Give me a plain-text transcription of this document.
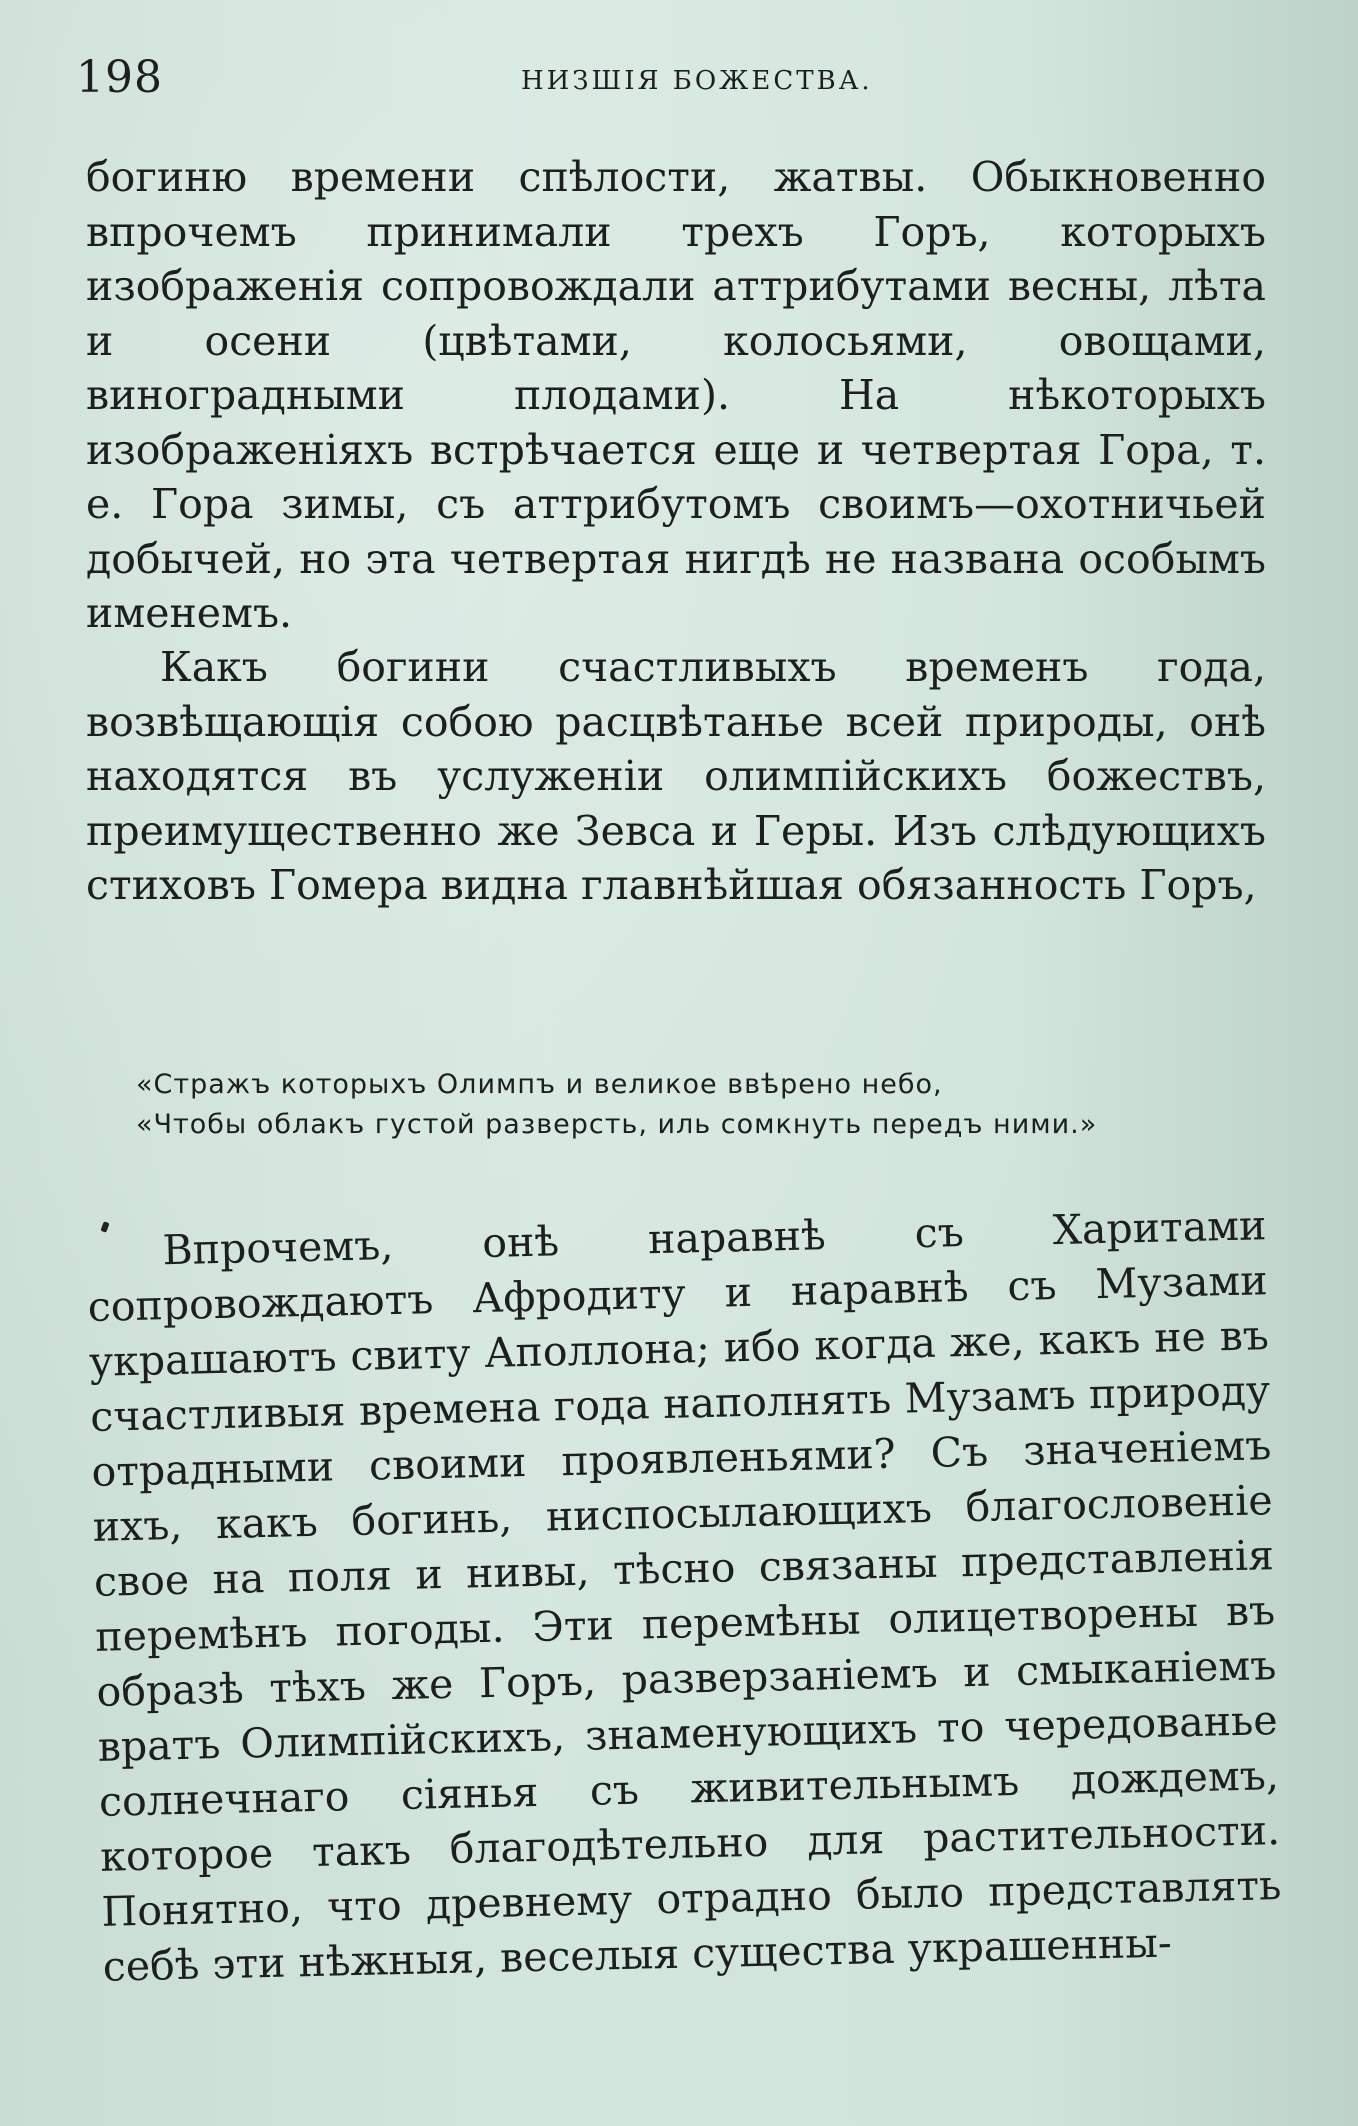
198	НИЗШІЯ БОЖЕСТВА.

богиню времени спѣлости, жатвы. Обыкновенно впрочемъ принимали трехъ Горъ, которыхъ изображенія сопровождали аттрибутами весны, лѣта и осени (цвѣтами, колосьями, овощами, виноградными плодами). На нѣкоторыхъ изображеніяхъ встрѣчается еще и четвертая Гора, т. е. Гора зимы, съ аттрибутомъ своимъ—охотничьей добычей, но эта четвертая нигдѣ не названа особымъ именемъ.

Какъ богини счастливыхъ временъ года, возвѣщающія собою расцвѣтанье всей природы, онѣ находятся въ услуженіи олимпійскихъ божествъ, преимущественно же Зевса и Геры. Изъ слѣдующихъ стиховъ Гомера видна главнѣйшая обязанность Горъ,

«Стражъ которыхъ Олимпъ и великое ввѣрено небо,
«Чтобы облакъ густой разверсть, иль сомкнуть передъ ними.»

Впрочемъ, онѣ наравнѣ съ Харитами сопровождаютъ Афродиту и наравнѣ съ Музами украшаютъ свиту Аполлона; ибо когда же, какъ не въ счастливыя времена года наполнять Музамъ природу отрадными своими проявленьями? Съ значеніемъ ихъ, какъ богинь, ниспосылающихъ благословеніе свое на поля и нивы, тѣсно связаны представленія перемѣнъ погоды. Эти перемѣны олицетворены въ образѣ тѣхъ же Горъ, разверзаніемъ и смыканіемъ вратъ Олимпійскихъ, знаменующихъ то чередованье солнечнаго сіянья съ живительнымъ дождемъ, которое такъ благодѣтельно для растительности. Понятно, что древнему отрадно было представлять себѣ эти нѣжныя, веселыя существа украшенны-
